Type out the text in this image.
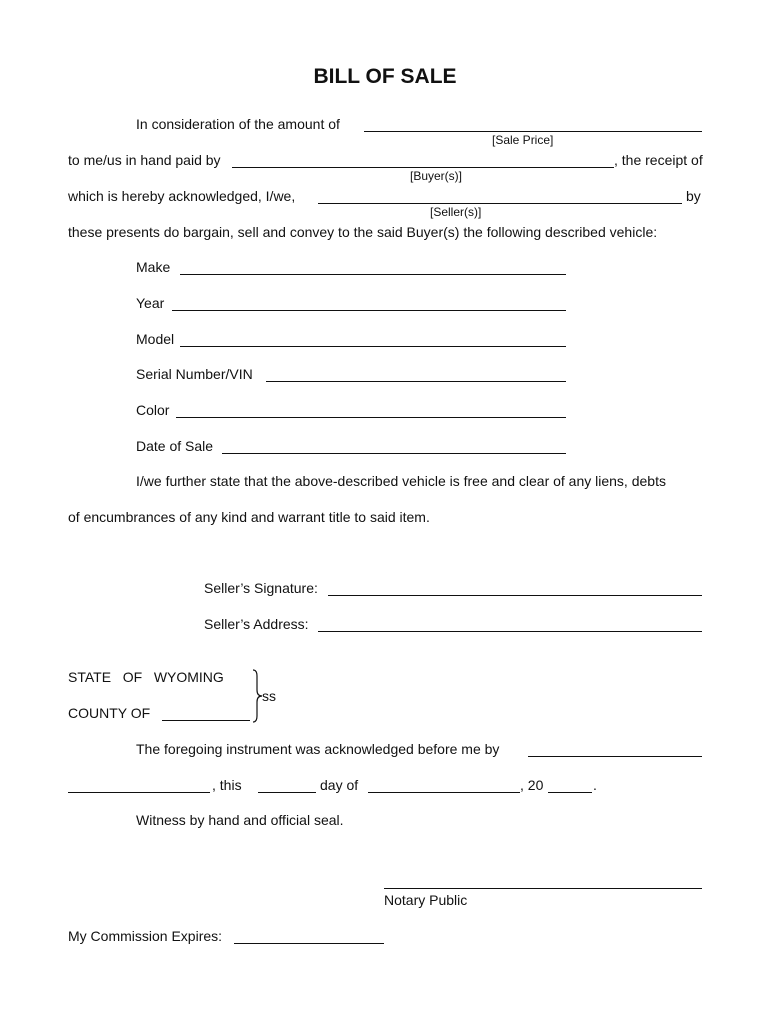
BILL OF SALE
In consideration of the amount of
[Sale Price]
to me/us in hand paid by	, the receipt of
[Buyer(s)]
which is hereby acknowledged, I/we,	by
[Seller(s)]
these presents do bargain, sell and convey to the said Buyer(s) the following described vehicle:
Make
Year
Model
Serial Number/VIN
Color
Date of Sale
I/we further state that the above-described vehicle is free and clear of any liens, debts
of encumbrances of any kind and warrant title to said item.
Seller’s Signature:
Seller’s Address:
STATE   OF   WYOMING
COUNTY OF
ss
The foregoing instrument was acknowledged before me by
, this	day of	, 20	.
Witness by hand and official seal.
Notary Public
My Commission Expires:
